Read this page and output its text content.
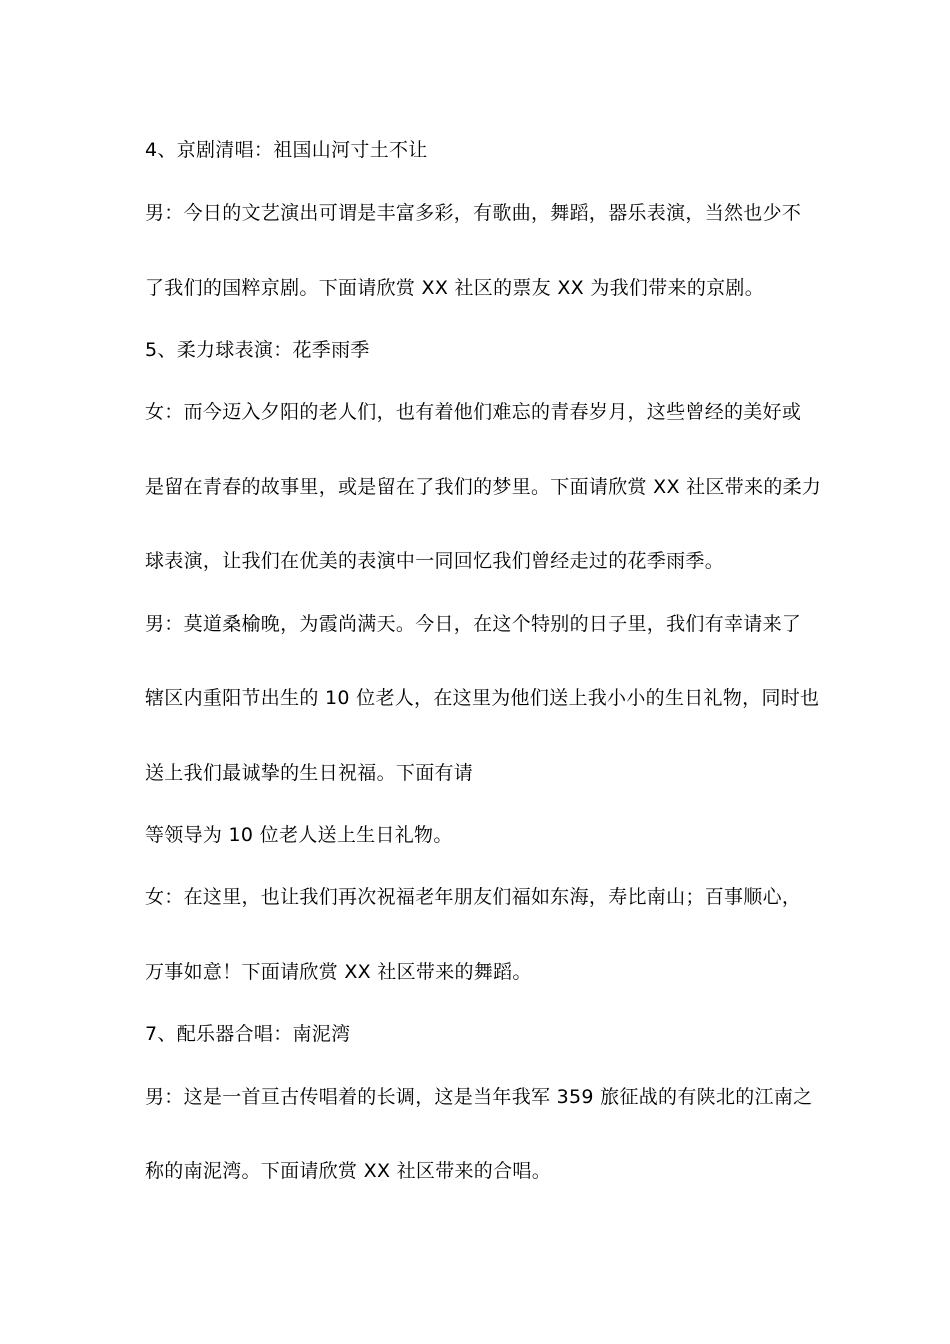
4、京剧清唱：祖国山河寸土不让
男：今日的文艺演出可谓是丰富多彩，有歌曲，舞蹈，器乐表演，当然也少不
了我们的国粹京剧。下面请欣赏 XX 社区的票友 XX 为我们带来的京剧。
5、柔力球表演：花季雨季
女：而今迈入夕阳的老人们，也有着他们难忘的青春岁月，这些曾经的美好或
是留在青春的故事里，或是留在了我们的梦里。下面请欣赏 XX 社区带来的柔力
球表演，让我们在优美的表演中一同回忆我们曾经走过的花季雨季。
男：莫道桑榆晚，为霞尚满天。今日，在这个特别的日子里，我们有幸请来了
辖区内重阳节出生的 10 位老人，在这里为他们送上我小小的生日礼物，同时也
送上我们最诚挚的生日祝福。下面有请
等领导为 10 位老人送上生日礼物。
女：在这里，也让我们再次祝福老年朋友们福如东海，寿比南山；百事顺心，
万事如意！下面请欣赏 XX 社区带来的舞蹈。
7、配乐器合唱：南泥湾
男：这是一首亘古传唱着的长调，这是当年我军 359 旅征战的有陕北的江南之
称的南泥湾。下面请欣赏 XX 社区带来的合唱。
